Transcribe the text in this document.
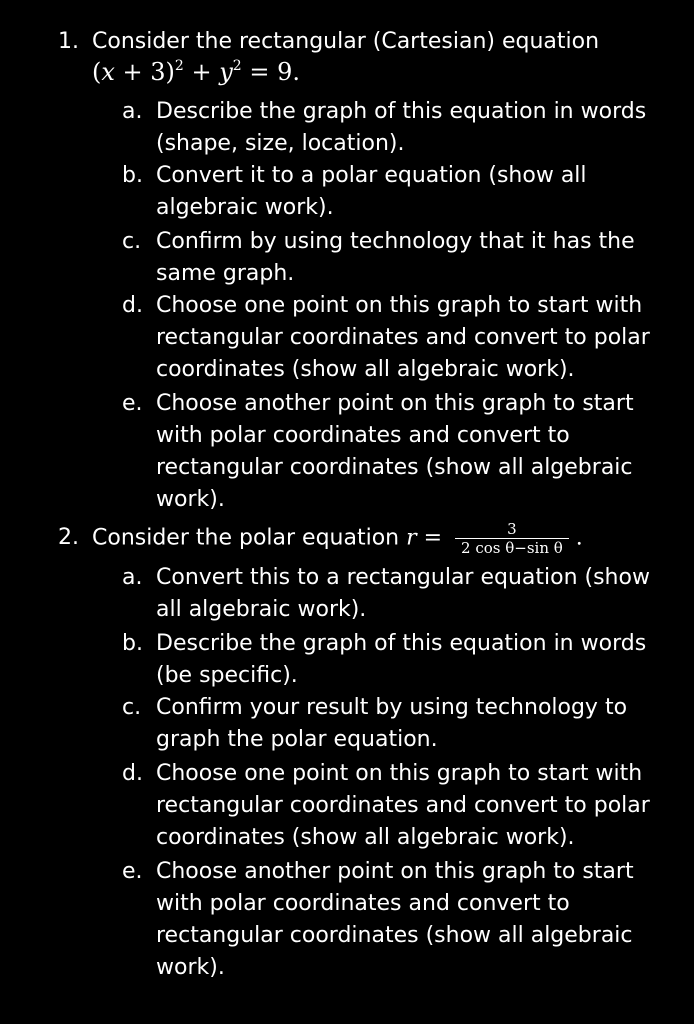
1. Consider the rectangular (Cartesian) equation
$(x + 3)^2 + y^2 = 9$.
a. Describe the graph of this equation in words (shape, size, location).
b. Convert it to a polar equation (show all algebraic work).
c. Confirm by using technology that it has the same graph.
d. Choose one point on this graph to start with rectangular coordinates and convert to polar coordinates (show all algebraic work).
e. Choose another point on this graph to start with polar coordinates and convert to rectangular coordinates (show all algebraic work).
2. Consider the polar equation $r = \frac{3}{\text{2 cos θ−sin θ}}$ .
a. Convert this to a rectangular equation (show all algebraic work).
b. Describe the graph of this equation in words (be specific).
c. Confirm your result by using technology to graph the polar equation.
d. Choose one point on this graph to start with rectangular coordinates and convert to polar coordinates (show all algebraic work).
e. Choose another point on this graph to start with polar coordinates and convert to rectangular coordinates (show all algebraic work).
